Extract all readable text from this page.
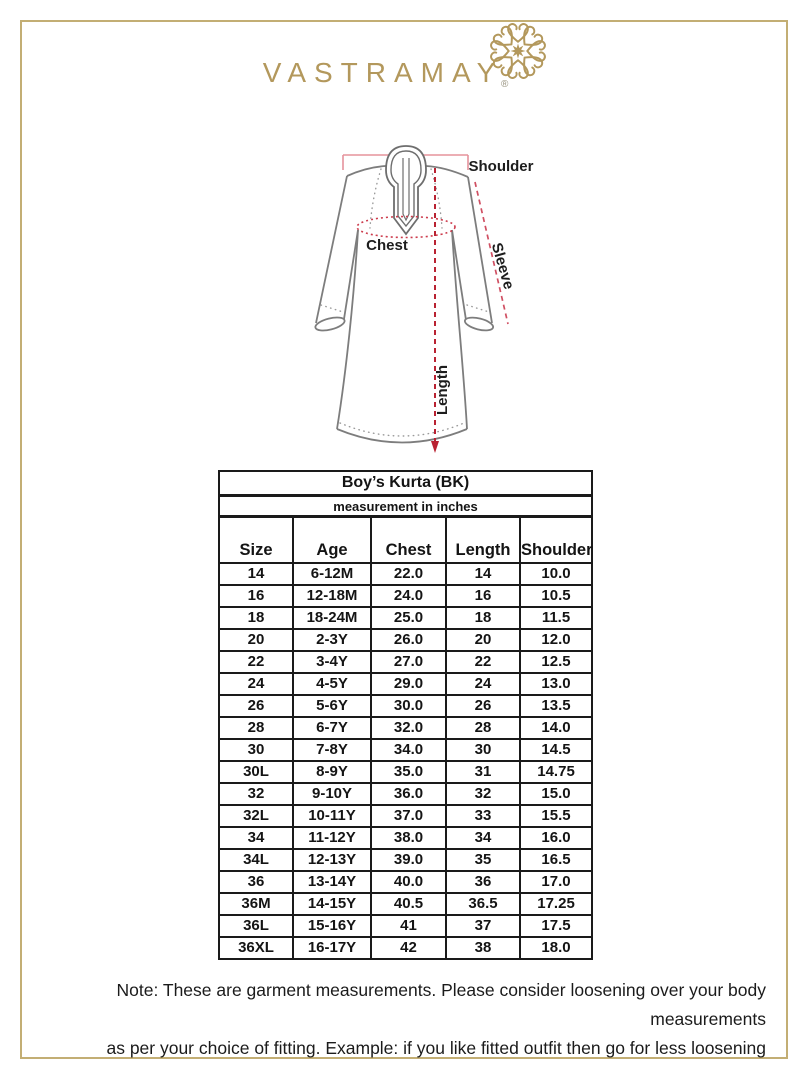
VASTRAMAY
®
Shoulder
Sleeve
Chest
Length
Boy’s Kurta (BK)				
measurement in inches				
Size	Age	Chest	Length	Shoulder
14	6-12M	22.0	14	10.0
16	12-18M	24.0	16	10.5
18	18-24M	25.0	18	11.5
20	2-3Y	26.0	20	12.0
22	3-4Y	27.0	22	12.5
24	4-5Y	29.0	24	13.0
26	5-6Y	30.0	26	13.5
28	6-7Y	32.0	28	14.0
30	7-8Y	34.0	30	14.5
30L	8-9Y	35.0	31	14.75
32	9-10Y	36.0	32	15.0
32L	10-11Y	37.0	33	15.5
34	11-12Y	38.0	34	16.0
34L	12-13Y	39.0	35	16.5
36	13-14Y	40.0	36	17.0
36M	14-15Y	40.5	36.5	17.25
36L	15-16Y	41	37	17.5
36XL	16-17Y	42	38	18.0
Note: These are garment measurements. Please consider loosening over your body measurements
as per your choice of fitting. Example: if you like fitted outfit then go for less loosening
